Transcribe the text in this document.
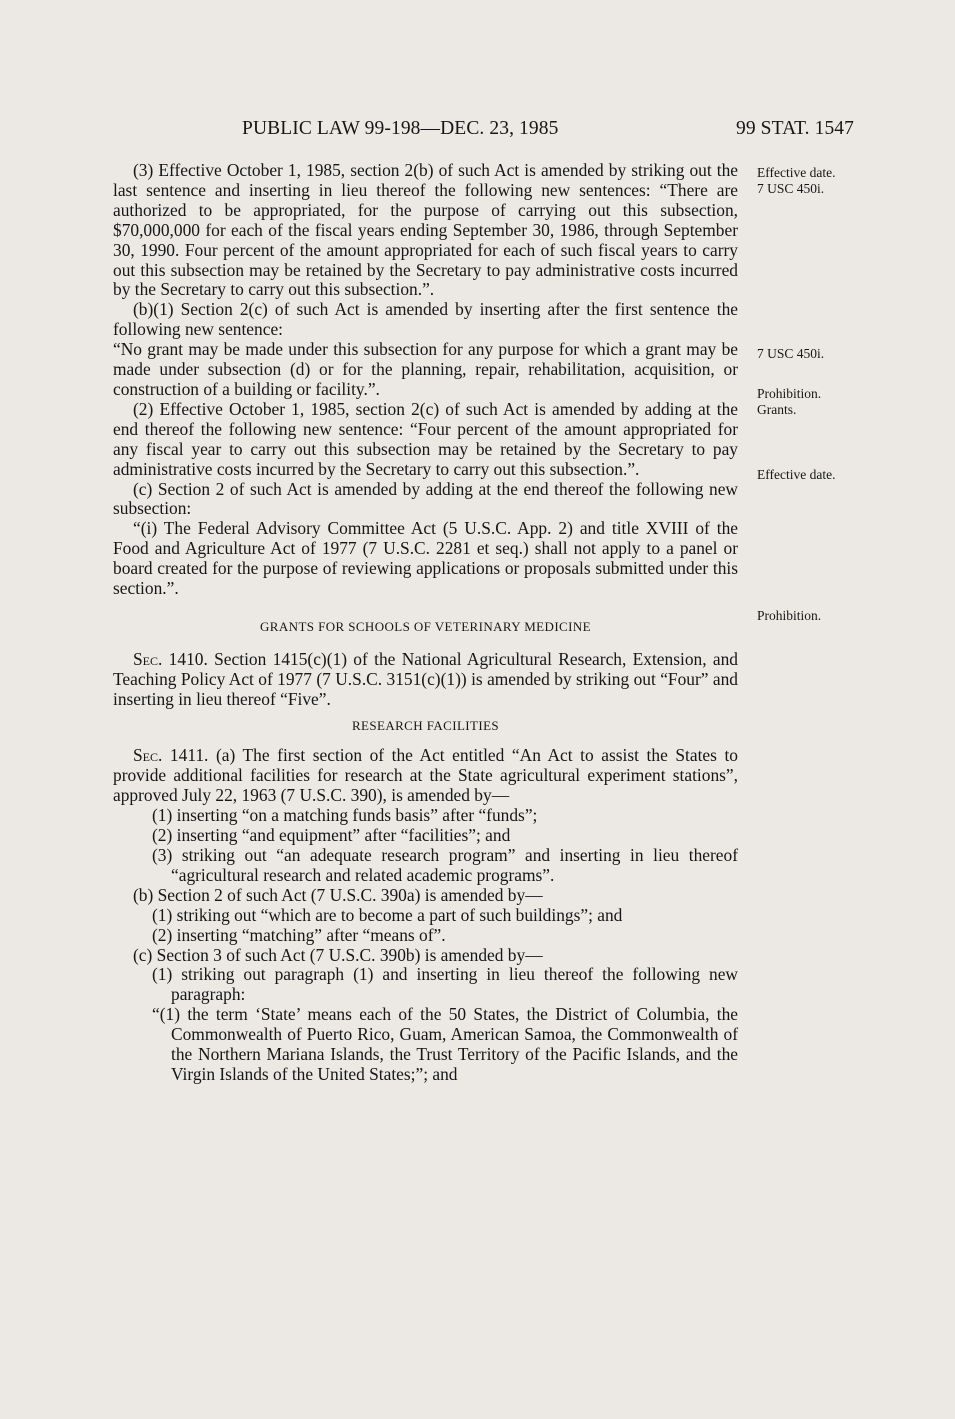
PUBLIC LAW 99-198—DEC. 23, 1985	99 STAT. 1547

(3) Effective October 1, 1985, section 2(b) of such Act is amended by striking out the last sentence and inserting in lieu thereof the following new sentences: “There are authorized to be appropriated, for the purpose of carrying out this subsection, $70,000,000 for each of the fiscal years ending September 30, 1986, through September 30, 1990. Four percent of the amount appropriated for each of such fiscal years to carry out this subsection may be retained by the Secretary to pay administrative costs incurred by the Secretary to carry out this subsection.”.

(b)(1) Section 2(c) of such Act is amended by inserting after the first sentence the following new sentence:

“No grant may be made under this subsection for any purpose for which a grant may be made under subsection (d) or for the planning, repair, rehabilitation, acquisition, or construction of a building or facility.”.

(2) Effective October 1, 1985, section 2(c) of such Act is amended by adding at the end thereof the following new sentence: “Four percent of the amount appropriated for any fiscal year to carry out this subsection may be retained by the Secretary to pay administrative costs incurred by the Secretary to carry out this subsection.”.

(c) Section 2 of such Act is amended by adding at the end thereof the following new subsection:

“(i) The Federal Advisory Committee Act (5 U.S.C. App. 2) and title XVIII of the Food and Agriculture Act of 1977 (7 U.S.C. 2281 et seq.) shall not apply to a panel or board created for the purpose of reviewing applications or proposals submitted under this section.”.

GRANTS FOR SCHOOLS OF VETERINARY MEDICINE

Sec. 1410. Section 1415(c)(1) of the National Agricultural Research, Extension, and Teaching Policy Act of 1977 (7 U.S.C. 3151(c)(1)) is amended by striking out “Four” and inserting in lieu thereof “Five”.

RESEARCH FACILITIES

Sec. 1411. (a) The first section of the Act entitled “An Act to assist the States to provide additional facilities for research at the State agricultural experiment stations”, approved July 22, 1963 (7 U.S.C. 390), is amended by—

(1) inserting “on a matching funds basis” after “funds”;

(2) inserting “and equipment” after “facilities”; and

(3) striking out “an adequate research program” and inserting in lieu thereof “agricultural research and related academic programs”.

(b) Section 2 of such Act (7 U.S.C. 390a) is amended by—

(1) striking out “which are to become a part of such buildings”; and

(2) inserting “matching” after “means of”.

(c) Section 3 of such Act (7 U.S.C. 390b) is amended by—

(1) striking out paragraph (1) and inserting in lieu thereof the following new paragraph:

“(1) the term ‘State’ means each of the 50 States, the District of Columbia, the Commonwealth of Puerto Rico, Guam, American Samoa, the Commonwealth of the Northern Mariana Islands, the Trust Territory of the Pacific Islands, and the Virgin Islands of the United States;”; and

Effective date.
7 USC 450i.
7 USC 450i.
Prohibition.
Grants.
Effective date.
Prohibition.
